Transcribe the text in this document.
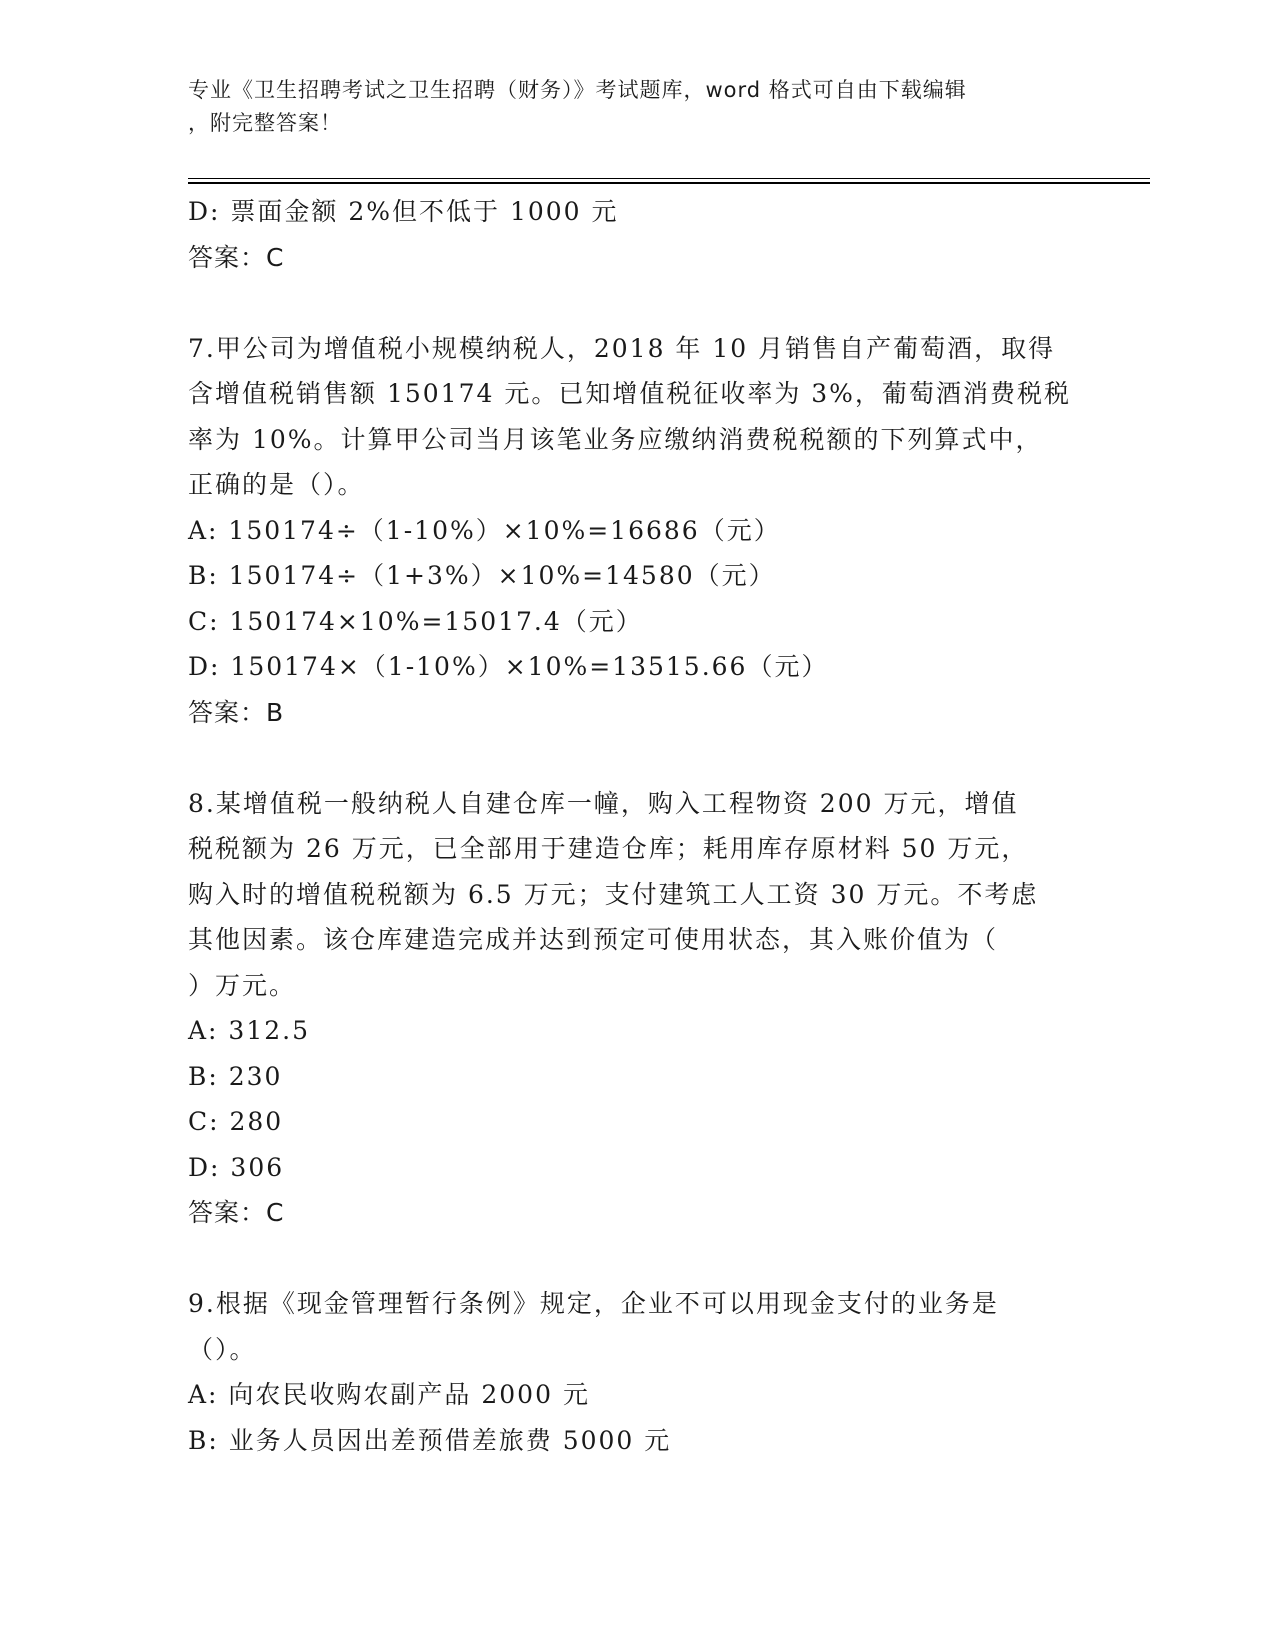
专业《卫生招聘考试之卫生招聘（财务）》考试题库，word 格式可自由下载编辑
，附完整答案！
D: 票面金额 2%但不低于 1000 元
答案：C
7.甲公司为增值税小规模纳税人，2018 年 10 月销售自产葡萄酒，取得
含增值税销售额 150174 元。已知增值税征收率为 3%，葡萄酒消费税税
率为 10%。计算甲公司当月该笔业务应缴纳消费税税额的下列算式中，
正确的是（）。
A: 150174÷（1-10%）×10%=16686（元）
B: 150174÷（1+3%）×10%=14580（元）
C: 150174×10%=15017.4（元）
D: 150174×（1-10%）×10%=13515.66（元）
答案：B
8.某增值税一般纳税人自建仓库一幢，购入工程物资 200 万元，增值
税税额为 26 万元，已全部用于建造仓库；耗用库存原材料 50 万元，
购入时的增值税税额为 6.5 万元；支付建筑工人工资 30 万元。不考虑
其他因素。该仓库建造完成并达到预定可使用状态，其入账价值为（
）万元。
A: 312.5
B: 230
C: 280
D: 306
答案：C
9.根据《现金管理暂行条例》规定，企业不可以用现金支付的业务是
（）。
A: 向农民收购农副产品 2000 元
B: 业务人员因出差预借差旅费 5000 元
